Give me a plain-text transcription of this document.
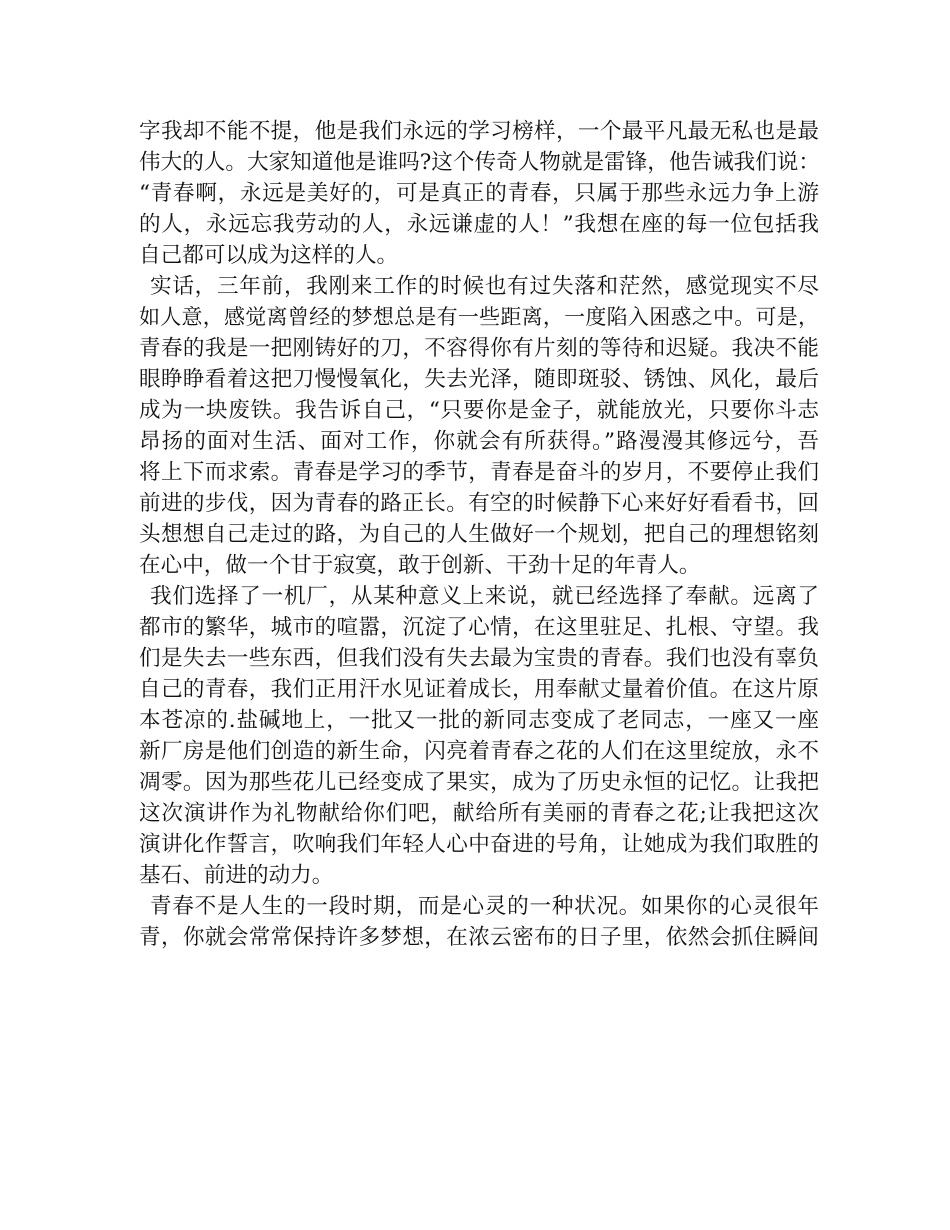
字我却不能不提，他是我们永远的学习榜样，一个最平凡最无私也是最
伟大的人。大家知道他是谁吗?这个传奇人物就是雷锋，他告诫我们说：
“青春啊，永远是美好的，可是真正的青春，只属于那些永远力争上游
的人，永远忘我劳动的人，永远谦虚的人！”我想在座的每一位包括我
自己都可以成为这样的人。
实话，三年前，我刚来工作的时候也有过失落和茫然，感觉现实不尽
如人意，感觉离曾经的梦想总是有一些距离，一度陷入困惑之中。可是，
青春的我是一把刚铸好的刀，不容得你有片刻的等待和迟疑。我决不能
眼睁睁看着这把刀慢慢氧化，失去光泽，随即斑驳、锈蚀、风化，最后
成为一块废铁。我告诉自己，“只要你是金子，就能放光，只要你斗志
昂扬的面对生活、面对工作，你就会有所获得。”路漫漫其修远兮，吾
将上下而求索。青春是学习的季节，青春是奋斗的岁月，不要停止我们
前进的步伐，因为青春的路正长。有空的时候静下心来好好看看书，回
头想想自己走过的路，为自己的人生做好一个规划，把自己的理想铭刻
在心中，做一个甘于寂寞，敢于创新、干劲十足的年青人。
我们选择了一机厂，从某种意义上来说，就已经选择了奉献。远离了
都市的繁华，城市的喧嚣，沉淀了心情，在这里驻足、扎根、守望。我
们是失去一些东西，但我们没有失去最为宝贵的青春。我们也没有辜负
自己的青春，我们正用汗水见证着成长，用奉献丈量着价值。在这片原
本苍凉的.盐碱地上，一批又一批的新同志变成了老同志，一座又一座
新厂房是他们创造的新生命，闪亮着青春之花的人们在这里绽放，永不
凋零。因为那些花儿已经变成了果实，成为了历史永恒的记忆。让我把
这次演讲作为礼物献给你们吧，献给所有美丽的青春之花;让我把这次
演讲化作誓言，吹响我们年轻人心中奋进的号角，让她成为我们取胜的
基石、前进的动力。
青春不是人生的一段时期，而是心灵的一种状况。如果你的心灵很年
青，你就会常常保持许多梦想，在浓云密布的日子里，依然会抓住瞬间
